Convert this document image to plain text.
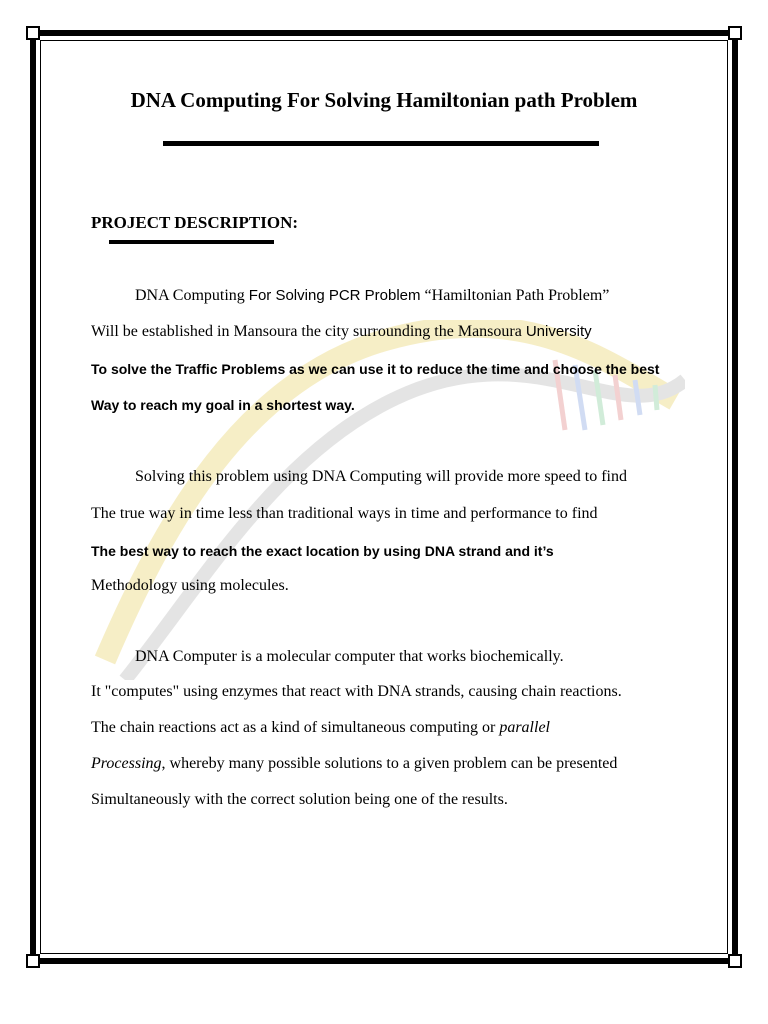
DNA Computing For Solving Hamiltonian path Problem
PROJECT DESCRIPTION:
DNA Computing For Solving PCR Problem “Hamiltonian Path Problem”
Will be established in Mansoura the city surrounding the Mansoura University
To solve the Traffic Problems as we can use it to reduce the time and choose the best
Way to reach my goal in a shortest way.
Solving this problem using DNA Computing will provide more speed to find
The true way in time less than traditional ways in time and performance to find
The best way to reach the exact location by using DNA strand and it’s
Methodology using molecules.
DNA Computer is a molecular computer that works biochemically.
It "computes" using enzymes that react with DNA strands, causing chain reactions.
The chain reactions act as a kind of simultaneous computing or parallel
Processing, whereby many possible solutions to a given problem can be presented
Simultaneously with the correct solution being one of the results.
